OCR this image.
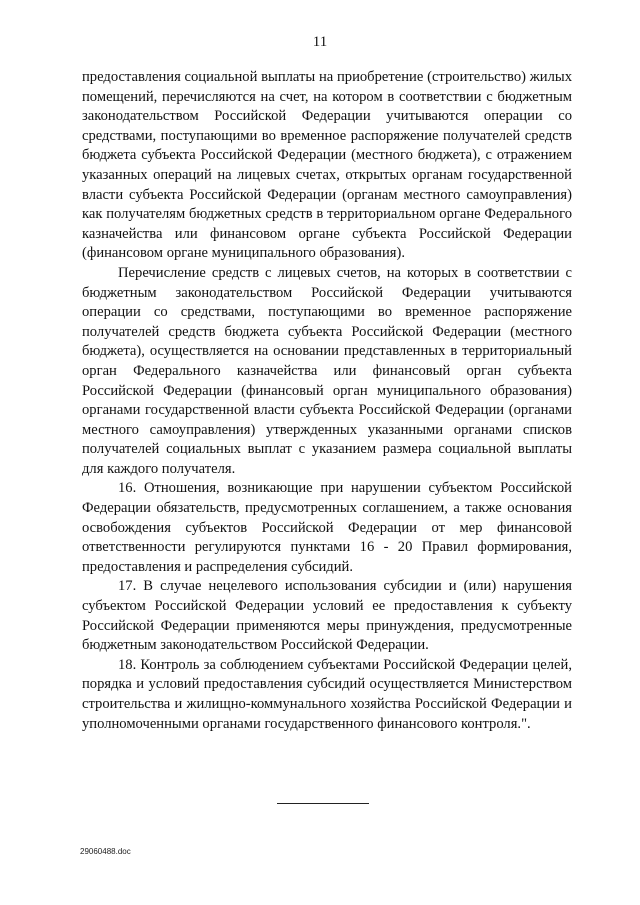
11

предоставления социальной выплаты на приобретение (строительство) жилых помещений, перечисляются на счет, на котором в соответствии с бюджетным законодательством Российской Федерации учитываются операции со средствами, поступающими во временное распоряжение получателей средств бюджета субъекта Российской Федерации (местного бюджета), с отражением указанных операций на лицевых счетах, открытых органам государственной власти субъекта Российской Федерации (органам местного самоуправления) как получателям бюджетных средств в территориальном органе Федерального казначейства или финансовом органе субъекта Российской Федерации (финансовом органе муниципального образования).

Перечисление средств с лицевых счетов, на которых в соответствии с бюджетным законодательством Российской Федерации учитываются операции со средствами, поступающими во временное распоряжение получателей средств бюджета субъекта Российской Федерации (местного бюджета), осуществляется на основании представленных в территориальный орган Федерального казначейства или финансовый орган субъекта Российской Федерации (финансовый орган муниципального образования) органами государственной власти субъекта Российской Федерации (органами местного самоуправления) утвержденных указанными органами списков получателей социальных выплат с указанием размера социальной выплаты для каждого получателя.

16. Отношения, возникающие при нарушении субъектом Российской Федерации обязательств, предусмотренных соглашением, а также основания освобождения субъектов Российской Федерации от мер финансовой ответственности регулируются пунктами 16 - 20 Правил формирования, предоставления и распределения субсидий.

17. В случае нецелевого использования субсидии и (или) нарушения субъектом Российской Федерации условий ее предоставления к субъекту Российской Федерации применяются меры принуждения, предусмотренные бюджетным законодательством Российской Федерации.

18. Контроль за соблюдением субъектами Российской Федерации целей, порядка и условий предоставления субсидий осуществляется Министерством строительства и жилищно-коммунального хозяйства Российской Федерации и уполномоченными органами государственного финансового контроля.".

29060488.doc
